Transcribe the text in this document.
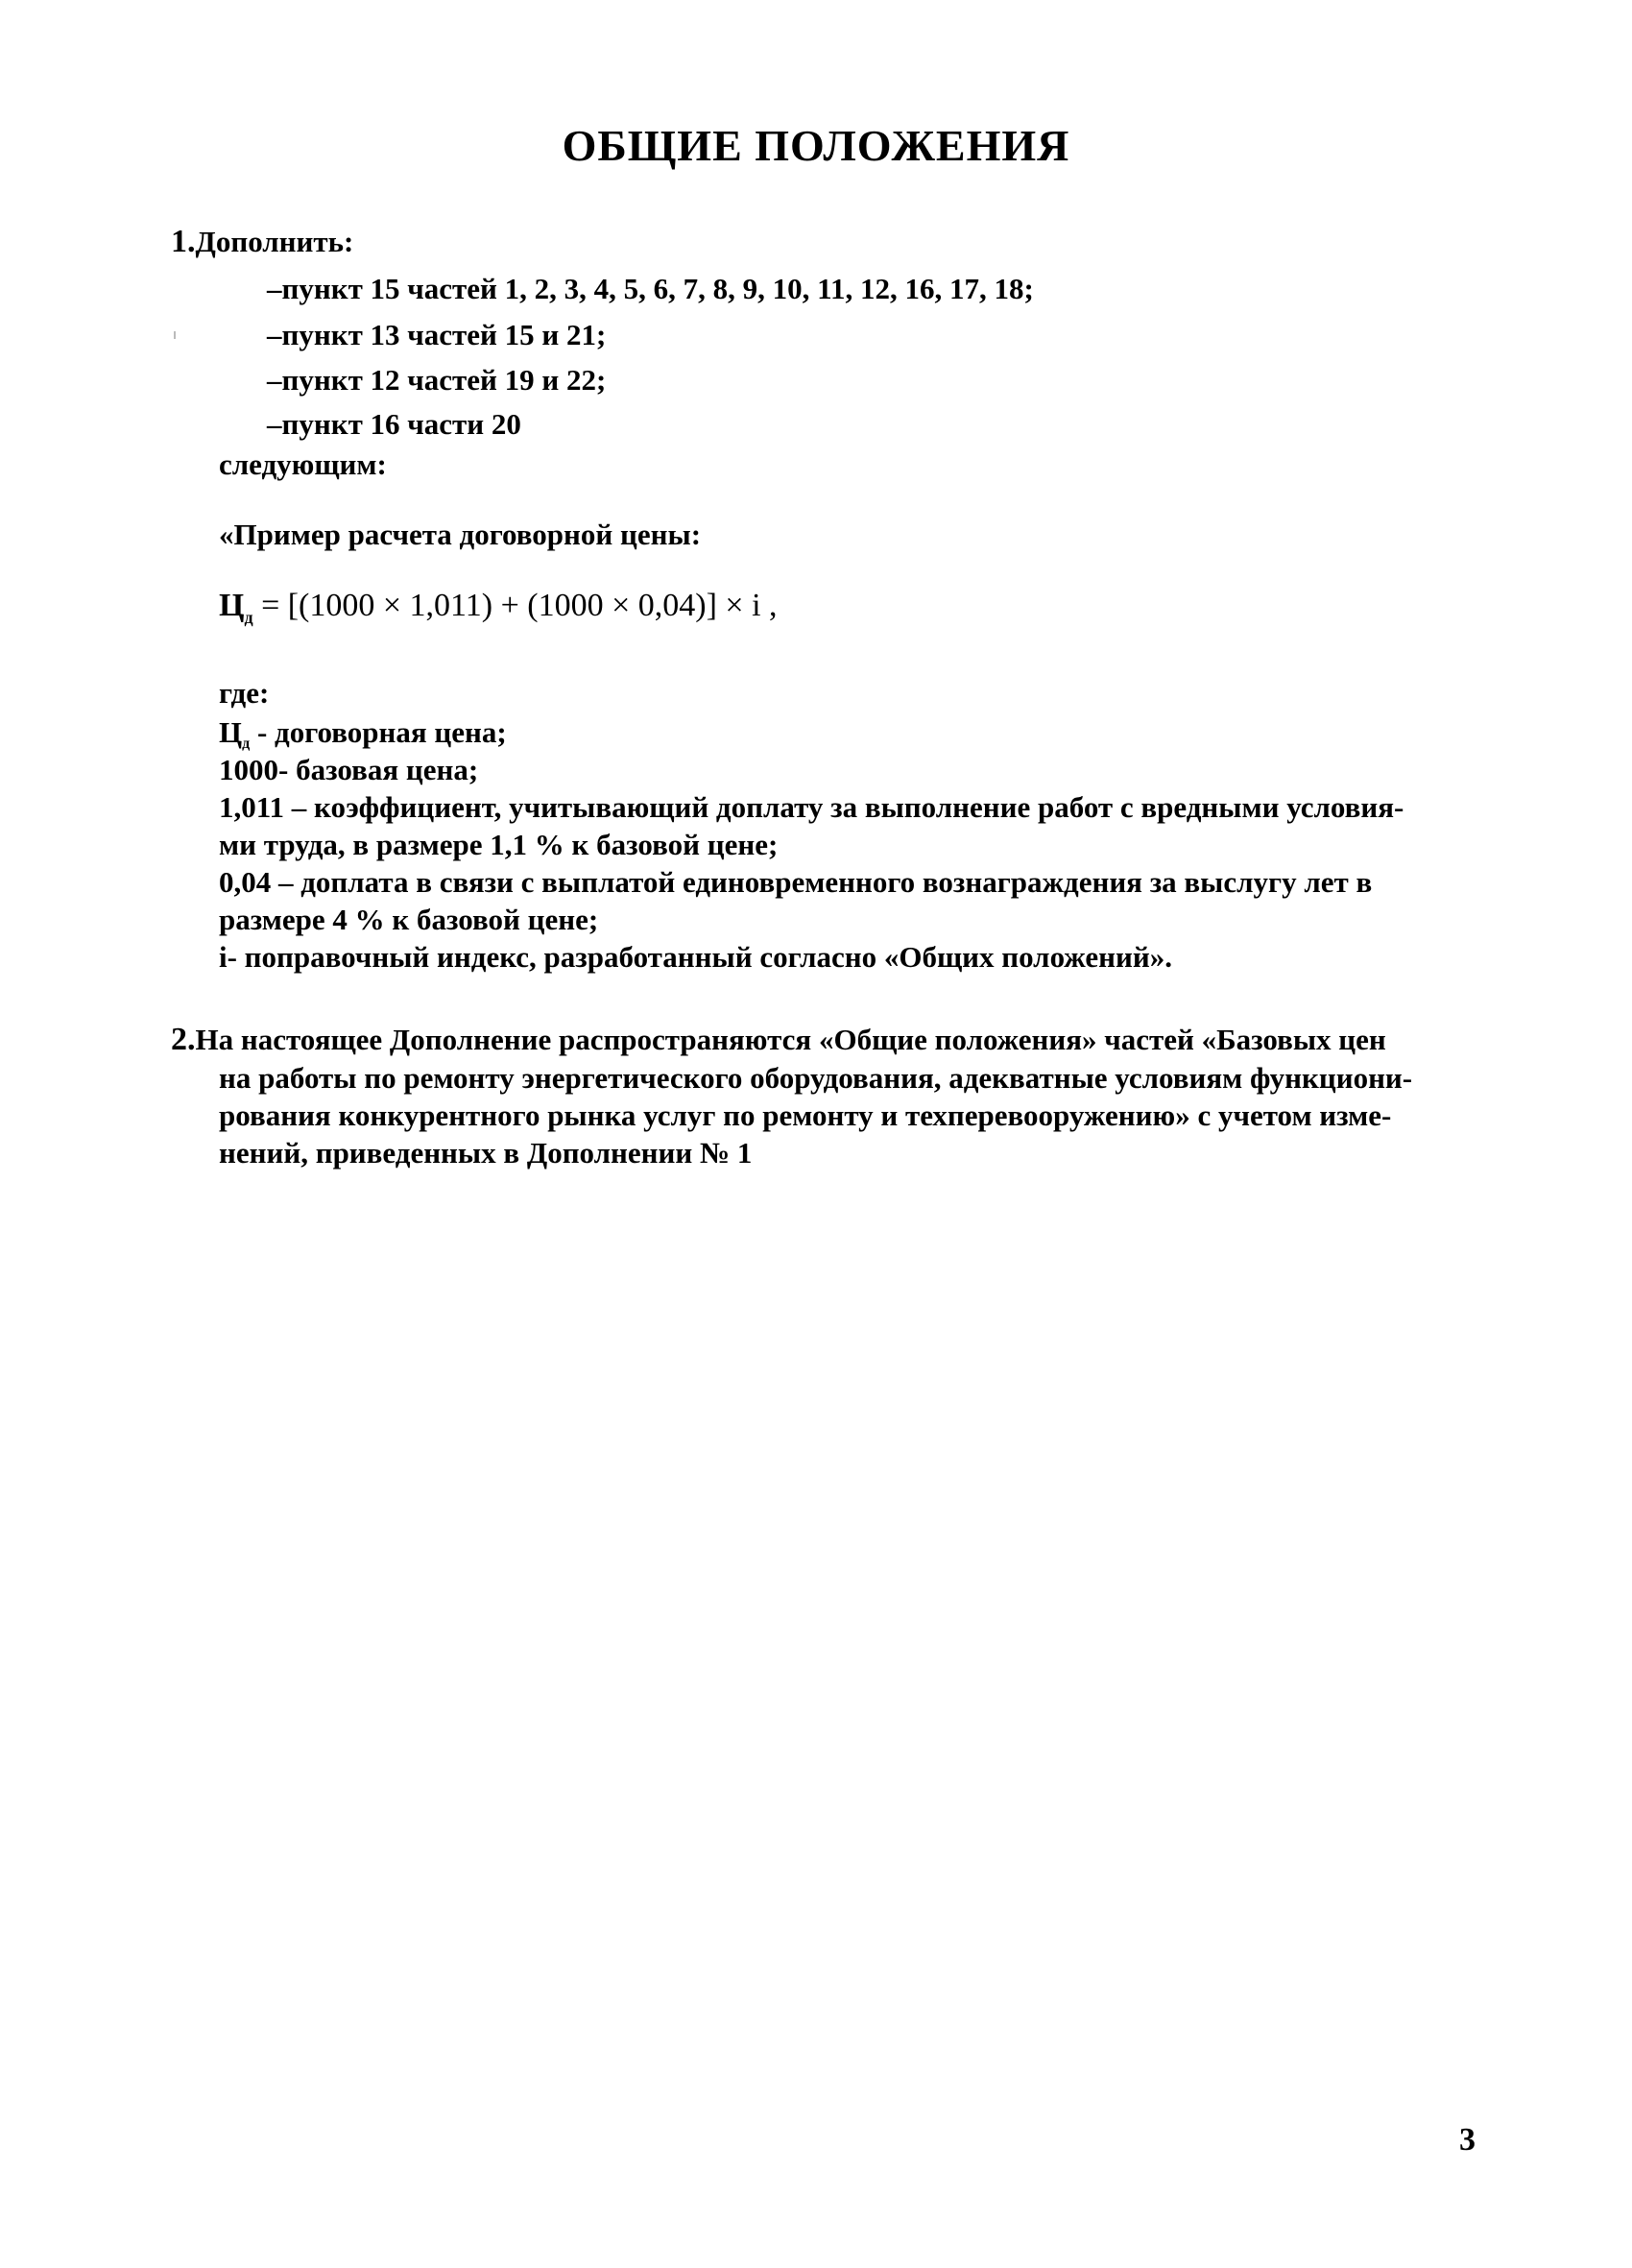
ОБЩИЕ ПОЛОЖЕНИЯ
1.Дополнить:
–пункт 15 частей 1, 2, 3, 4, 5, 6, 7, 8, 9, 10, 11, 12, 16, 17, 18;
–пункт 13 частей 15 и 21;
–пункт 12 частей 19 и 22;
–пункт 16 части 20
следующим:
«Пример расчета договорной цены:
$Ц_д = [(1000 \times 1,011) + (1000 \times 0,04)] \times i$ ,
где:
Цд - договорная цена;
1000- базовая цена;
1,011 – коэффициент, учитывающий доплату за выполнение работ с вредными условия-
ми труда, в размере 1,1 % к базовой цене;
0,04 – доплата в связи с выплатой единовременного вознаграждения за выслугу лет в
размере 4 % к базовой цене;
i- поправочный индекс, разработанный согласно «Общих положений».
2.На настоящее Дополнение распространяются «Общие положения» частей «Базовых цен
на работы по ремонту энергетического оборудования, адекватные условиям функциони-
рования конкурентного рынка услуг по ремонту и техперевооружению» с учетом изме-
нений, приведенных в Дополнении № 1
3
